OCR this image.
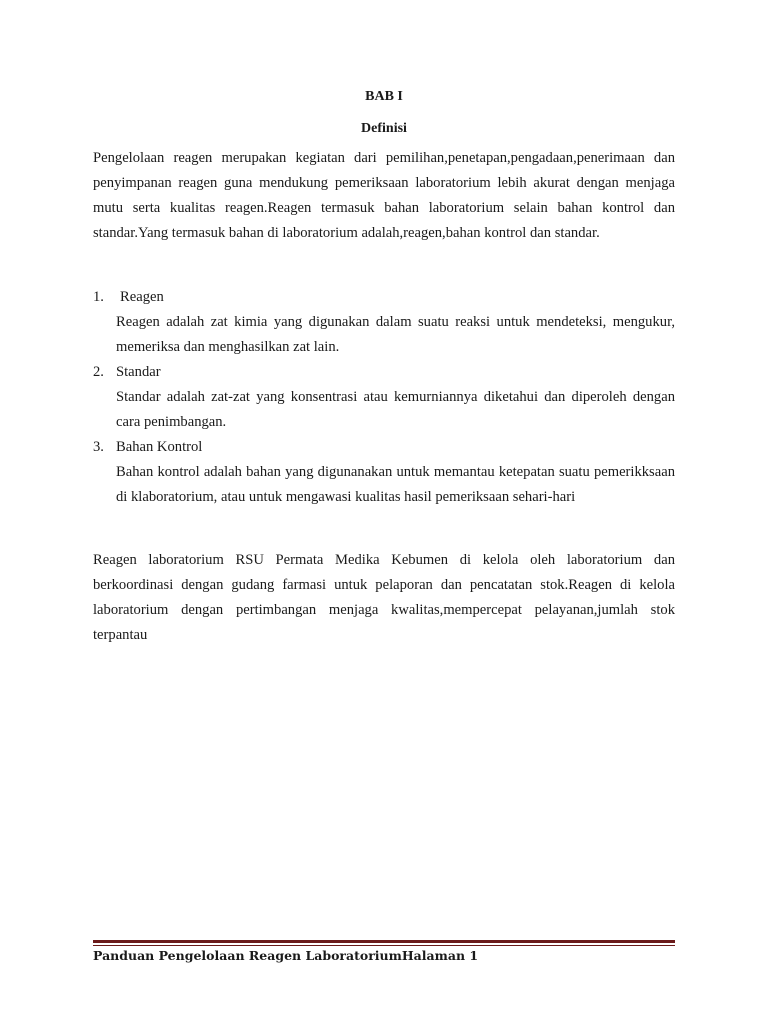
BAB I
Definisi
Pengelolaan reagen merupakan kegiatan dari pemilihan,penetapan,pengadaan,penerimaan dan penyimpanan reagen guna mendukung pemeriksaan laboratorium lebih akurat dengan menjaga mutu serta kualitas reagen.Reagen termasuk bahan laboratorium selain bahan kontrol dan standar.Yang termasuk bahan di laboratorium adalah,reagen,bahan kontrol dan standar.
1. Reagen
Reagen adalah zat kimia yang digunakan dalam suatu reaksi untuk mendeteksi, mengukur, memeriksa dan menghasilkan zat lain.
2. Standar
Standar adalah zat-zat yang konsentrasi atau kemurniannya diketahui dan diperoleh dengan cara penimbangan.
3. Bahan Kontrol
Bahan kontrol adalah bahan yang digunanakan untuk memantau ketepatan suatu pemerikksaan di klaboratorium, atau untuk mengawasi kualitas hasil pemeriksaan sehari-hari
Reagen laboratorium RSU Permata Medika Kebumen di kelola oleh laboratorium dan berkoordinasi dengan gudang farmasi untuk pelaporan dan pencatatan stok.Reagen di kelola laboratorium dengan pertimbangan menjaga kwalitas,mempercepat pelayanan,jumlah stok terpantau
Panduan Pengelolaan Reagen LaboratoriumHalaman 1
